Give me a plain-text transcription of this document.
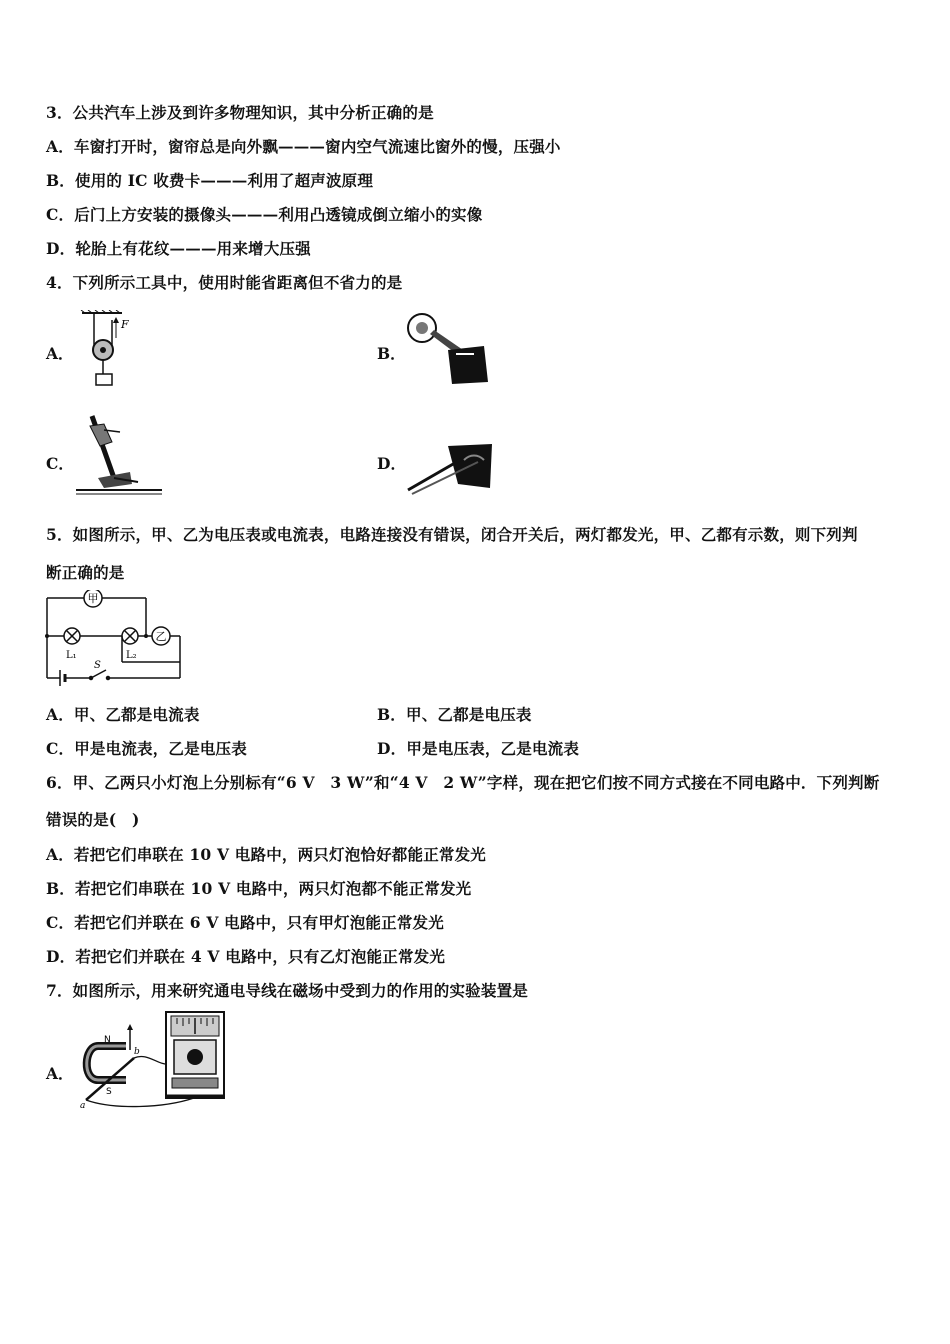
3．公共汽车上涉及到许多物理知识，其中分析正确的是
A．车窗打开时，窗帘总是向外飘———窗内空气流速比窗外的慢，压强小
B．使用的 IC 收费卡———利用了超声波原理
C．后门上方安装的摄像头———利用凸透镜成倒立缩小的实像
D．轮胎上有花纹———用来增大压强
4．下列所示工具中，使用时能省距离但不省力的是
A．
F
B．
C．	D．
5．如图所示，甲、乙为电压表或电流表，电路连接没有错误，闭合开关后，两灯都发光，甲、乙都有示数，则下列判
断正确的是
甲
乙
L₁	L₂
S
A．甲、乙都是电流表	B．甲、乙都是电压表
C．甲是电流表，乙是电压表	D．甲是电压表，乙是电流表
6．甲、乙两只小灯泡上分别标有“6 V　3 W”和“4 V　2 W”字样，现在把它们按不同方式接在不同电路中．下列判断
错误的是(　)
A．若把它们串联在 10 V 电路中，两只灯泡恰好都能正常发光
B．若把它们串联在 10 V 电路中，两只灯泡都不能正常发光
C．若把它们并联在 6 V 电路中，只有甲灯泡能正常发光
D．若把它们并联在 4 V 电路中，只有乙灯泡能正常发光
7．如图所示，用来研究通电导线在磁场中受到力的作用的实验装置是
A．
N
S
a
b
